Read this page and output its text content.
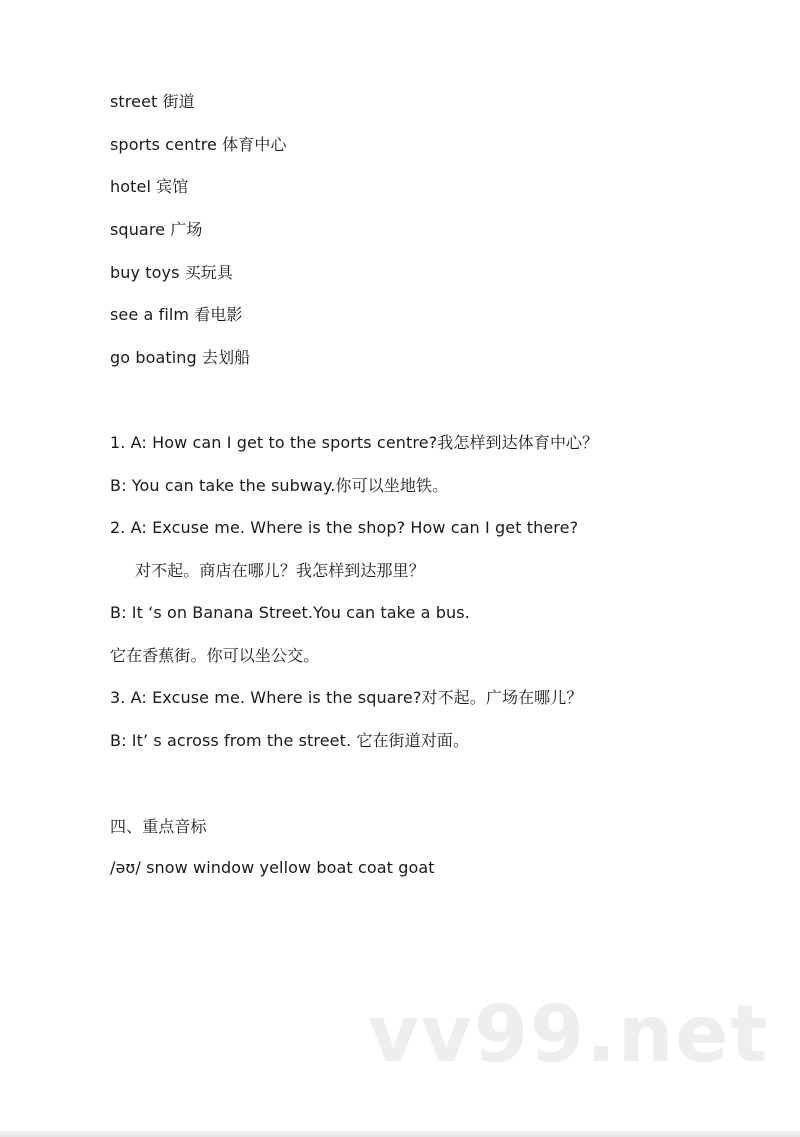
street 街道
sports centre 体育中心
hotel 宾馆
square 广场
buy toys 买玩具
see a film 看电影
go boating 去划船
1. A: How can I get to the sports centre?我怎样到达体育中心？
B: You can take the subway.你可以坐地铁。
2. A: Excuse me. Where is the shop? How can I get there?
对不起。商店在哪儿？我怎样到达那里？
B: It ‘s on Banana Street.You can take a bus.
它在香蕉街。你可以坐公交。
3. A: Excuse me. Where is the square?对不起。广场在哪儿？
B: It’ s across from the street. 它在街道对面。
四、重点音标
/əʊ/ snow window yellow boat coat goat
vv99.net
